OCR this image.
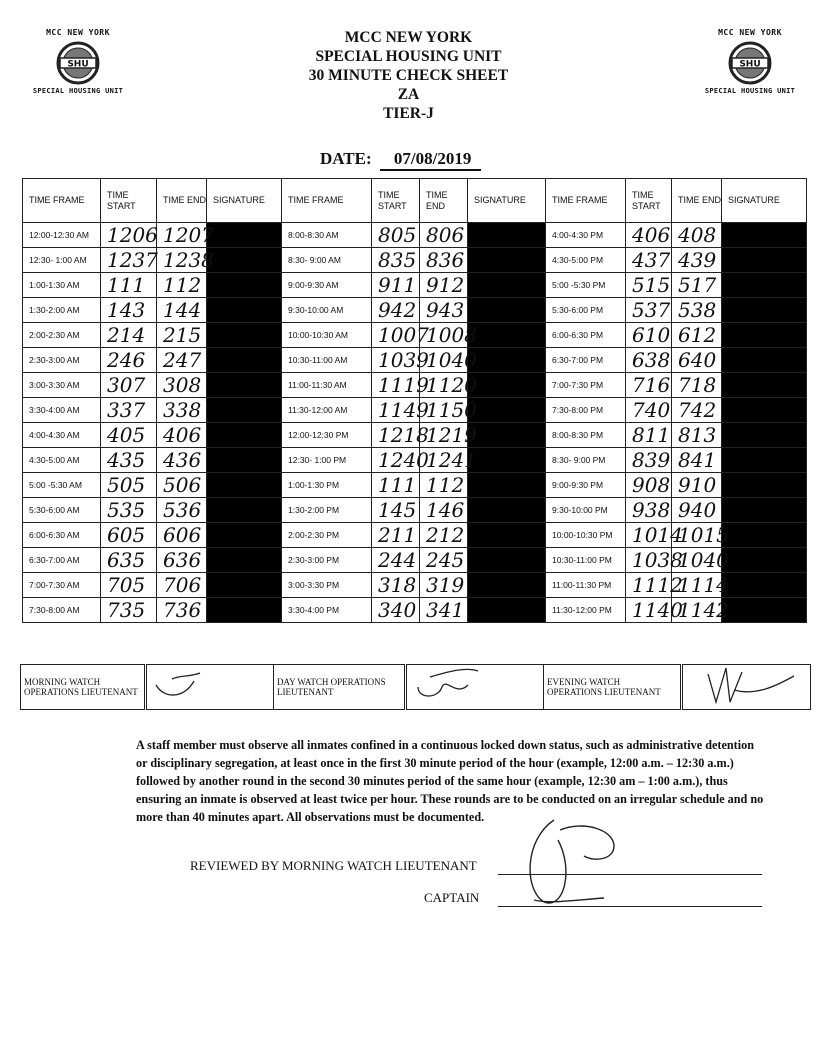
MCC NEW YORK
SHU
SPECIAL HOUSING UNIT
MCC NEW YORK
SHU
SPECIAL HOUSING UNIT
MCC NEW YORK
SPECIAL HOUSING UNIT
30 MINUTE CHECK SHEET
ZA
TIER-J
DATE: 07/08/2019
TIME FRAME	TIME START	TIME END	SIGNATURE	TIME FRAME	TIME START	TIME END	SIGNATURE	TIME FRAME	TIME START	TIME END	SIGNATURE
12:00-12:30 AM	1206	1207		8:00-8:30 AM	805	806		4:00-4:30 PM	406	408	
12:30- 1:00 AM	1237	1238		8:30- 9:00 AM	835	836		4:30-5:00 PM	437	439	
1:00-1:30 AM	111	112		9:00-9:30 AM	911	912		5:00 -5:30 PM	515	517	
1:30-2:00 AM	143	144		9:30-10:00 AM	942	943		5:30-6:00 PM	537	538	
2:00-2:30 AM	214	215		10:00-10:30 AM	1007	1008		6:00-6:30 PM	610	612	
2:30-3:00 AM	246	247		10:30-11:00 AM	1039	1040		6:30-7:00 PM	638	640	
3:00-3:30 AM	307	308		11:00-11:30 AM	1119	1120		7:00-7:30 PM	716	718	
3:30-4:00 AM	337	338		11:30-12:00 AM	1149	1150		7:30-8:00 PM	740	742	
4:00-4:30 AM	405	406		12:00-12:30 PM	1218	1219		8:00-8:30 PM	811	813	
4:30-5:00 AM	435	436		12:30- 1:00 PM	1240	1241		8:30- 9:00 PM	839	841	
5:00 -5:30 AM	505	506		1:00-1:30 PM	111	112		9:00-9:30 PM	908	910	
5:30-6:00 AM	535	536		1:30-2:00 PM	145	146		9:30-10:00 PM	938	940	
6:00-6:30 AM	605	606		2:00-2:30 PM	211	212		10:00-10:30 PM	1014	1015	
6:30-7:00 AM	635	636		2:30-3:00 PM	244	245		10:30-11:00 PM	1038	1040	
7:00-7:30 AM	705	706		3:00-3:30 PM	318	319		11:00-11:30 PM	1112	1114	
7:30-8:00 AM	735	736		3:30-4:00 PM	340	341		11:30-12:00 PM	1140	1142	
MORNING WATCH OPERATIONS LIEUTENANT		DAY WATCH OPERATIONS LIEUTENANT		EVENING WATCH OPERATIONS LIEUTENANT	
A staff member must observe all inmates confined in a continuous locked down status, such as administrative detention or disciplinary segregation, at least once in the first 30 minute period of the hour (example, 12:00 a.m. – 12:30 a.m.) followed by another round in the second 30 minutes period of the same hour (example, 12:30 am – 1:00 a.m.), thus ensuring an inmate is observed at least twice per hour. These rounds are to be conducted on an irregular schedule and no more than 40 minutes apart. All observations must be documented.
REVIEWED BY MORNING WATCH LIEUTENANT
CAPTAIN
